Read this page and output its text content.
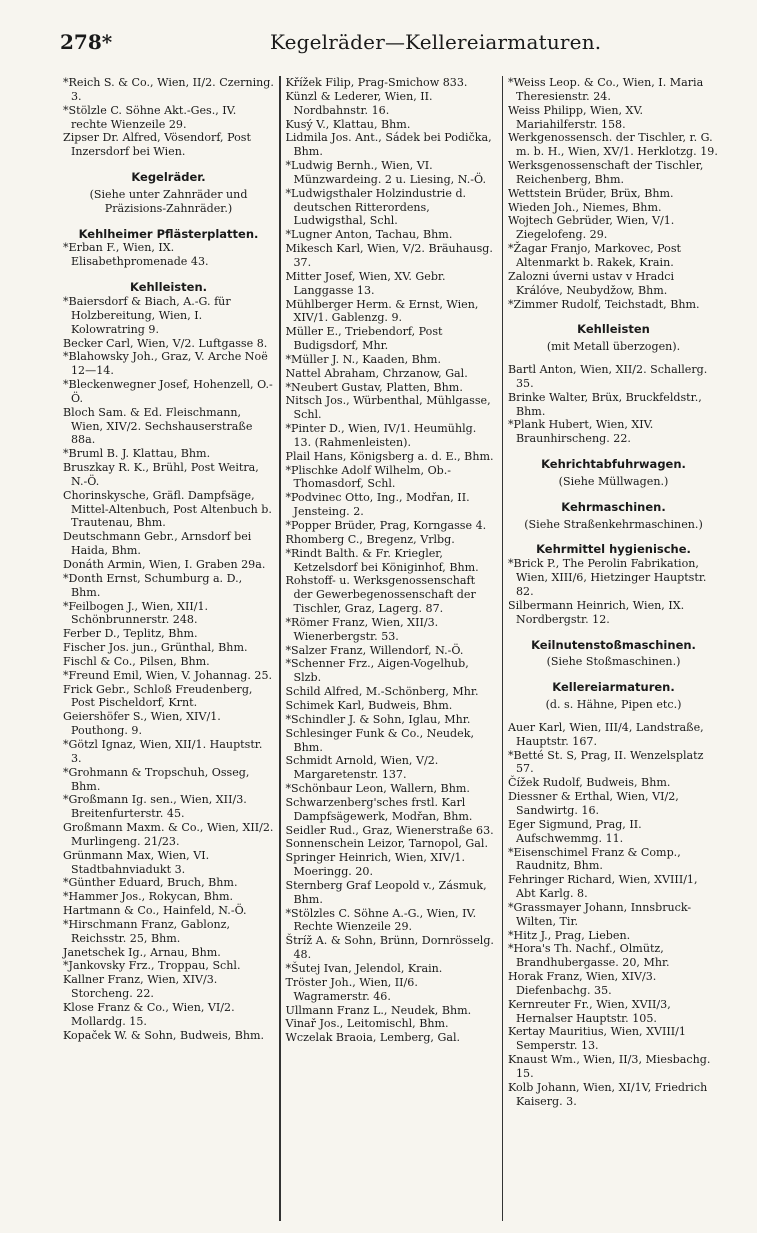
278*	Kegelräder—Kellereiarmaturen.
*Reich S. & Co., Wien, II/2. Czerning. 3.
*Stölzle C. Söhne Akt.-Ges., IV. rechte Wienzeile 29.
Zipser Dr. Alfred, Vösendorf, Post Inzersdorf bei Wien.
Kegelräder.
(Siehe unter Zahnräder und Präzisions-Zahnräder.)
Kehlheimer Pflästerplatten.
*Erban F., Wien, IX. Elisabethpromenade 43.
Kehlleisten.
*Baiersdorf & Biach, A.-G. für Holzbereitung, Wien, I. Kolowratring 9.
Becker Carl, Wien, V/2. Luftgasse 8.
*Blahowsky Joh., Graz, V. Arche Noë 12—14.
*Bleckenwegner Josef, Hohenzell, O.-Ö.
Bloch Sam. & Ed. Fleischmann, Wien, XIV/2. Sechshauserstraße 88a.
*Bruml B. J. Klattau, Bhm.
Bruszkay R. K., Brühl, Post Weitra, N.-Ö.
Chorinskysche, Gräfl. Dampfsäge, Mittel-Altenbuch, Post Altenbuch b. Trautenau, Bhm.
Deutschmann Gebr., Arnsdorf bei Haida, Bhm.
Donáth Armin, Wien, I. Graben 29a.
*Donth Ernst, Schumburg a. D., Bhm.
*Feilbogen J., Wien, XII/1. Schönbrunnerstr. 248.
Ferber D., Teplitz, Bhm.
Fischer Jos. jun., Grünthal, Bhm.
Fischl & Co., Pilsen, Bhm.
*Freund Emil, Wien, V. Johannag. 25.
Frick Gebr., Schloß Freudenberg, Post Pischeldorf, Krnt.
Geiershöfer S., Wien, XIV/1. Pouthong. 9.
*Götzl Ignaz, Wien, XII/1. Hauptstr. 3.
*Grohmann & Tropschuh, Osseg, Bhm.
*Großmann Ig. sen., Wien, XII/3. Breitenfurterstr. 45.
Großmann Maxm. & Co., Wien, XII/2. Murlingeng. 21/23.
Grünmann Max, Wien, VI. Stadtbahnviadukt 3.
*Günther Eduard, Bruch, Bhm.
*Hammer Jos., Rokycan, Bhm.
Hartmann & Co., Hainfeld, N.-Ö.
*Hirschmann Franz, Gablonz, Reichsstr. 25, Bhm.
Janetschek Ig., Arnau, Bhm.
*Jankovsky Frz., Troppau, Schl.
Kallner Franz, Wien, XIV/3. Storcheng. 22.
Klose Franz & Co., Wien, VI/2. Mollardg. 15.
Kopaček W. & Sohn, Budweis, Bhm.
Křížek Filip, Prag-Smichow 833.
Künzl & Lederer, Wien, II. Nordbahnstr. 16.
Kusý V., Klattau, Bhm.
Lidmila Jos. Ant., Sádek bei Podička, Bhm.
*Ludwig Bernh., Wien, VI. Münzwardeing. 2 u. Liesing, N.-Ö.
*Ludwigsthaler Holzindustrie d. deutschen Ritterordens, Ludwigsthal, Schl.
*Lugner Anton, Tachau, Bhm.
Mikesch Karl, Wien, V/2. Bräuhausg. 37.
Mitter Josef, Wien, XV. Gebr. Langgasse 13.
Mühlberger Herm. & Ernst, Wien, XIV/1. Gablenzg. 9.
Müller E., Triebendorf, Post Budigsdorf, Mhr.
*Müller J. N., Kaaden, Bhm.
Nattel Abraham, Chrzanow, Gal.
*Neubert Gustav, Platten, Bhm.
Nitsch Jos., Würbenthal, Mühlgasse, Schl.
*Pinter D., Wien, IV/1. Heumühlg. 13. (Rahmenleisten).
Plail Hans, Königsberg a. d. E., Bhm.
*Plischke Adolf Wilhelm, Ob.-Thomasdorf, Schl.
*Podvinec Otto, Ing., Modřan, II. Jensteing. 2.
*Popper Brüder, Prag, Korngasse 4.
Rhomberg C., Bregenz, Vrlbg.
*Rindt Balth. & Fr. Kriegler, Ketzelsdorf bei Königinhof, Bhm.
Rohstoff- u. Werksgenossenschaft der Gewerbegenossenschaft der Tischler, Graz, Lagerg. 87.
*Römer Franz, Wien, XII/3. Wienerbergstr. 53.
*Salzer Franz, Willendorf, N.-Ö.
*Schenner Frz., Aigen-Vogelhub, Slzb.
Schild Alfred, M.-Schönberg, Mhr.
Schimek Karl, Budweis, Bhm.
*Schindler J. & Sohn, Iglau, Mhr.
Schlesinger Funk & Co., Neudek, Bhm.
Schmidt Arnold, Wien, V/2. Margaretenstr. 137.
*Schönbaur Leon, Wallern, Bhm.
Schwarzenberg'sches frstl. Karl Dampfsägewerk, Modřan, Bhm.
Seidler Rud., Graz, Wienerstraße 63.
Sonnenschein Leizor, Tarnopol, Gal.
Springer Heinrich, Wien, XIV/1. Moeringg. 20.
Sternberg Graf Leopold v., Zásmuk, Bhm.
*Stölzles C. Söhne A.-G., Wien, IV. Rechte Wienzeile 29.
Štríž A. & Sohn, Brünn, Dornrösselg. 48.
*Šutej Ivan, Jelendol, Krain.
Tröster Joh., Wien, II/6. Wagramerstr. 46.
Ullmann Franz L., Neudek, Bhm.
Vinař Jos., Leitomischl, Bhm.
Wczelak Braoia, Lemberg, Gal.
*Weiss Leop. & Co., Wien, I. Maria Theresienstr. 24.
Weiss Philipp, Wien, XV. Mariahilferstr. 158.
Werkgenossensch. der Tischler, r. G. m. b. H., Wien, XV/1. Herklotzg. 19.
Werksgenossenschaft der Tischler, Reichenberg, Bhm.
Wettstein Brüder, Brüx, Bhm.
Wieden Joh., Niemes, Bhm.
Wojtech Gebrüder, Wien, V/1. Ziegelofeng. 29.
*Žagar Franjo, Markovec, Post Altenmarkt b. Rakek, Krain.
Zalozni úverni ustav v Hradci Králóve, Neubydžow, Bhm.
*Zimmer Rudolf, Teichstadt, Bhm.
Kehlleisten
(mit Metall überzogen).
Bartl Anton, Wien, XII/2. Schallerg. 35.
Brinke Walter, Brüx, Bruckfeldstr., Bhm.
*Plank Hubert, Wien, XIV. Braunhirscheng. 22.
Kehrichtabfuhrwagen.
(Siehe Müllwagen.)
Kehrmaschinen.
(Siehe Straßenkehrmaschinen.)
Kehrmittel hygienische.
*Brick P., The Perolin Fabrikation, Wien, XIII/6, Hietzinger Hauptstr. 82.
Silbermann Heinrich, Wien, IX. Nordbergstr. 12.
Keilnutenstoßmaschinen.
(Siehe Stoßmaschinen.)
Kellereiarmaturen.
(d. s. Hähne, Pipen etc.)
Auer Karl, Wien, III/4, Landstraße, Hauptstr. 167.
*Betté St. S, Prag, II. Wenzelsplatz 57.
Čížek Rudolf, Budweis, Bhm.
Diessner & Erthal, Wien, VI/2, Sandwirtg. 16.
Eger Sigmund, Prag, II. Aufschwemmg. 11.
*Eisenschimel Franz & Comp., Raudnitz, Bhm.
Fehringer Richard, Wien, XVIII/1, Abt Karlg. 8.
*Grassmayer Johann, Innsbruck-Wilten, Tir.
*Hitz J., Prag, Lieben.
*Hora's Th. Nachf., Olmütz, Brandhubergasse. 20, Mhr.
Horak Franz, Wien, XIV/3. Diefenbachg. 35.
Kernreuter Fr., Wien, XVII/3, Hernalser Hauptstr. 105.
Kertay Mauritius, Wien, XVIII/1 Semperstr. 13.
Knaust Wm., Wien, II/3, Miesbachg. 15.
Kolb Johann, Wien, XI/1V, Friedrich Kaiserg. 3.
